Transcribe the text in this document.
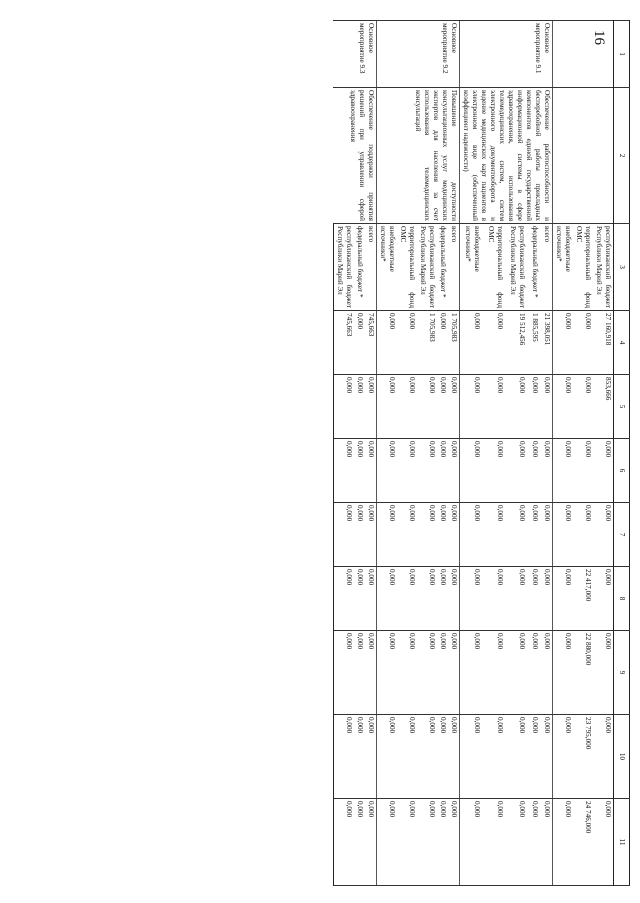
16
1	2	3	4	5	6	7	8	9	10	11
		республиканский бюджет Республики Марий Эл	27 160,918	853,666	0,000	0,000	0,000	0,000	0,000	0,000
		территориальный фонд ОМС	0,000	0,000	0,000	0,000	22 417,000	22 880,000	23 795,000	24 746,000
		внебюджетные источники*	0,000	0,000	0,000	0,000	0,000	0,000	0,000	0,000
Основное мероприятие 9.1	Обеспечение работоспособности и бесперебойной работы прикладных компонентов единой государственной информационной системы в сфере здравоохранения, использования телемедицинских систем, систем электронного документооборота и ведение медицинских карт пациентов в электронном виде (обеспеченный коэффициент надежности)	всего	21 398,051	0,000	0,000	0,000	0,000	0,000	0,000	0,000
		федеральный бюджет *	1 885,595	0,000	0,000	0,000	0,000	0,000	0,000	0,000
		республиканский бюджет Республики Марий Эл	19 512,456	0,000	0,000	0,000	0,000	0,000	0,000	0,000
		территориальный фонд ОМС	0,000	0,000	0,000	0,000	0,000	0,000	0,000	0,000
		внебюджетные источники*	0,000	0,000	0,000	0,000	0,000	0,000	0,000	0,000
Основное мероприятие 9.2	Повышение доступности консультационных услуг медицинских экспертов для населения за счет использования телемедицинских консультаций	всего	1 705,983	0,000	0,000	0,000	0,000	0,000	0,000	0,000
		федеральный бюджет *	0,000	0,000	0,000	0,000	0,000	0,000	0,000	0,000
		республиканский бюджет Республики Марий Эл	1 705,983	0,000	0,000	0,000	0,000	0,000	0,000	0,000
		территориальный фонд ОМС	0,000	0,000	0,000	0,000	0,000	0,000	0,000	0,000
		внебюджетные источники*	0,000	0,000	0,000	0,000	0,000	0,000	0,000	0,000
Основное мероприятие 9.3	Обеспечение поддержки принятия решений при управлении сферой здравоохранения	всего	745,663	0,000	0,000	0,000	0,000	0,000	0,000	0,000
		федеральный бюджет *	0,000	0,000	0,000	0,000	0,000	0,000	0,000	0,000
		республиканский бюджет Республики Марий Эл	745,663	0,000	0,000	0,000	0,000	0,000	0,000	0,000
